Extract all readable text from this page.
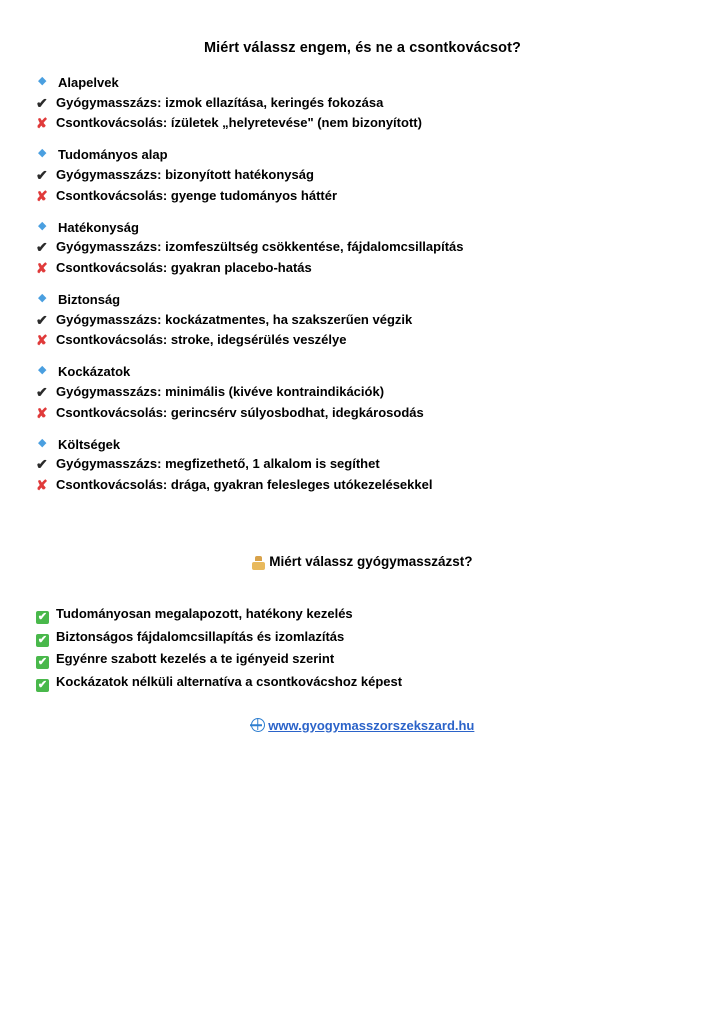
Miért válassz engem, és ne a csontkovácsot?
◆ Alapelvek
✔ Gyógymasszázs: izmok ellazítása, keringés fokozása
✘ Csontkovácsolás: ízületek „helyretevése" (nem bizonyított)
◆ Tudományos alap
✔ Gyógymasszázs: bizonyított hatékonyság
✘ Csontkovácsolás: gyenge tudományos háttér
◆ Hatékonyság
✔ Gyógymasszázs: izomfeszültség csökkentése, fájdalomcsillapítás
✘ Csontkovácsolás: gyakran placebo-hatás
◆ Biztonság
✔ Gyógymasszázs: kockázatmentes, ha szakszerűen végzik
✘ Csontkovácsolás: stroke, idegsérülés veszélye
◆ Kockázatok
✔ Gyógymasszázs: minimális (kivéve kontraindikációk)
✘ Csontkovácsolás: gerincsérv súlyosbodhat, idegkárosodás
◆ Költségek
✔ Gyógymasszázs: megfizethető, 1 alkalom is segíthet
✘ Csontkovácsolás: drága, gyakran felesleges utókezelésekkel
Miért válassz gyógymasszázst?
✔ Tudományosan megalapozott, hatékony kezelés
✔ Biztonságos fájdalomcsillapítás és izomlazítás
✔ Egyénre szabott kezelés a te igényeid szerint
✔ Kockázatok nélküli alternatíva a csontkovácshoz képest
www.gyogymasszorszekszard.hu
